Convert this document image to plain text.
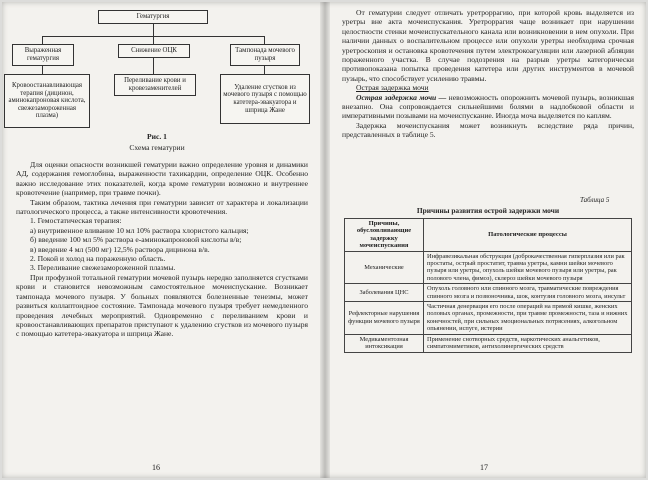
Гематургия
Выраженная гематургия
Снижение ОЦК	Тампонада мочевого пузыря
Кровоостанавливающая терапия (дицинон, аминокапроновая кислота, свежезамороженная плазма)
Переливание крови и кровезаменителей	Удаление сгустков из мочевого пузыря с помощью катетера-эвакуатора и шприца Жане
Рис. 1
Схема гематурии

Для оценки опасности возникшей гематурии важно определение уровня и динамики АД, содержания гемоглобина, выраженности тахикардии, определение ОЦК. Особенно важно исследование этих показателей, когда кроме гематурии возможно и внутреннее кровотечение (например, при травме почки).

Таким образом, тактика лечения при гематурии зависит от характера и локализации патологического процесса, а также интенсивности кровотечения.

1. Гемостатическая терапия:

а) внутривенное вливание 10 мл 10% раствора хлористого кальция;

б) введение 100 мл 5% раствора е-аминокапроновой кислоты в/в;

в) введение 4 мл (500 мг) 12,5% раствора дицинона в/в.

2. Покой и холод на пораженную область.

3. Переливание свежезамороженной плазмы.

При профузной тотальной гематурии мочевой пузырь нередко заполняется сгустками крови и становится невозможным самостоятельное мочеиспускание. Возникает тампонада мочевого пузыря. У больных появляются болезненные тенезмы, может развиться коллаптоидное состояние. Тампонада мочевого пузыря требует немедленного проведения лечебных мероприятий. Одновременно с переливанием крови и кровоостанавливающих препаратов приступают к удалению сгустков из мочевого пузыря с помощью катетера-эвакуатора и шприца Жане.

16

От гематурии следует отличать уретроррагию, при которой кровь выделяется из уретры вне акта мочеиспускания. Уретроррагия чаще возникает при нарушении целостности стенки мочеиспускательного канала или возникновении в нем опухоли. При наличии данных о воспалительном процессе или опухоли уретры необходима срочная уретроскопия и остановка кровотечения путем электрокоагуляции или лазерной абляции пораженного участка. В случае подозрения на разрыв уретры категорически противопоказана попытка проведения катетера или других инструментов в мочевой пузырь, что способствует усилению травмы.

Острая задержка мочи

Острая задержка мочи — невозможность опорожнить мочевой пузырь, возникшая внезапно. Она сопровождается сильнейшими болями в надлобковой области и императивными позывами на мочеиспускание. Иногда моча выделяется по каплям.

Задержка мочеиспускания может возникнуть вследствие ряда причин, представленных в таблице 5.

Таблица 5
Причины развития острой задержки мочи
Причины, обусловливающие задержку мочеиспускания	Патологические процессы
Механические	Инфравезикальная обструкция (доброкачественная гиперплазия или рак простаты, острый простатит, травма уретры, камни шейки мочевого пузыря или уретры, опухоль шейки мочевого пузыря или уретры, рак полового члена, фимоз), склероз шейки мочевого пузыря
Заболевания ЦНС	Опухоль головного или спинного мозга, травматические повреждения спинного мозга и позвоночника, шок, контузия головного мозга, инсульт
Рефлекторные нарушения функции мочевого пузыря	Частичная денервация его после операций на прямой кишке, женских половых органах, промежности, при травме промежности, таза и нижних конечностей, при сильных эмоциональных потрясениях, алкогольном опьянении, испуге, истерии
Медикаментозная интоксикация	Применение снотворных средств, наркотических анальгетиков, симпатомиметиков, антихолинергических средств
17
